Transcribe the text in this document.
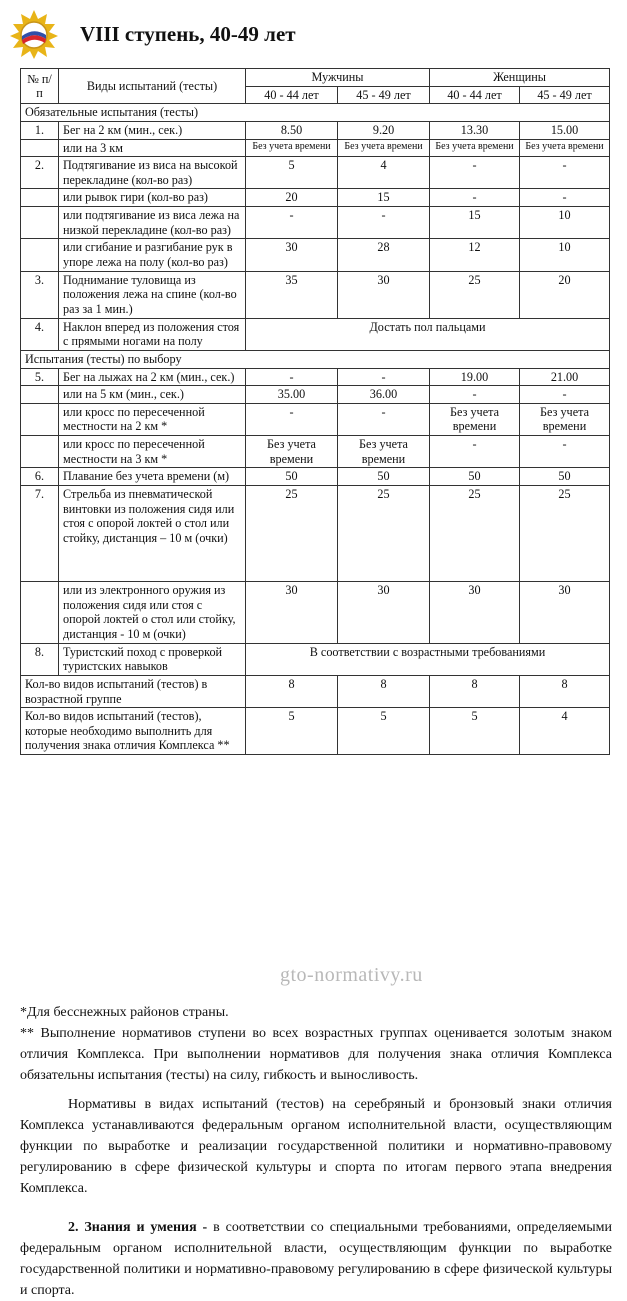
VIII ступень, 40-49 лет
№ п/п	Виды испытаний (тесты)	Мужчины		Женщины	
		40 - 44 лет	45 - 49 лет	40 - 44 лет	45 - 49 лет
Обязательные испытания (тесты)					
1.	Бег на 2 км (мин., сек.)	8.50	9.20	13.30	15.00
	или на 3 км	Без учета времени	Без учета времени	Без учета времени	Без учета времени
2.	Подтягивание из виса на высокой перекладине (кол-во раз)	5	4	-	-
	или рывок гири (кол-во раз)	20	15	-	-
	или подтягивание из виса лежа на низкой перекладине (кол-во раз)	-	-	15	10
	или сгибание и разгибание рук в упоре лежа на полу (кол-во раз)	30	28	12	10
3.	Поднимание туловища из положения лежа на спине (кол-во раз за 1 мин.)	35	30	25	20
4.	Наклон вперед из положения стоя с прямыми ногами на полу	Достать пол пальцами			
Испытания (тесты) по выбору					
5.	Бег на лыжах на 2 км (мин., сек.)	-	-	19.00	21.00
	или на 5 км (мин., сек.)	35.00	36.00	-	-
	или кросс по пересеченной местности на 2 км *	-	-	Без учета времени	Без учета времени
	или кросс по пересеченной местности на 3 км *	Без учета времени	Без учета времени	-	-
6.	Плавание без учета времени (м)	50	50	50	50
7.	Стрельба из пневматической винтовки из положения сидя или стоя с опорой локтей о стол или стойку, дистанция – 10 м (очки)	25	25	25	25
	или из электронного оружия из положения сидя или стоя с опорой локтей о стол или стойку, дистанция - 10 м (очки)	30	30	30	30
8.	Туристский поход с проверкой туристских навыков	В соответствии с возрастными требованиями			
Кол-во видов испытаний (тестов) в возрастной группе		8	8	8	8
Кол-во видов испытаний (тестов), которые необходимо выполнить для получения знака отличия Комплекса **		5	5	5	4
gto-normativy.ru

*Для бесснежных районов страны.

** Выполнение нормативов ступени во всех возрастных группах оценивается золотым знаком отличия Комплекса. При выполнении нормативов для получения знака отличия Комплекса обязательны испытания (тесты) на силу, гибкость и выносливость.

Нормативы в видах испытаний (тестов) на серебряный и бронзовый знаки отличия Комплекса устанавливаются федеральным органом исполнительной власти, осуществляющим функции по выработке и реализации государственной политики и нормативно-правовому регулированию в сфере физической культуры и спорта по итогам первого этапа внедрения Комплекса.

2. Знания и умения - в соответствии со специальными требованиями, определяемыми федеральным органом исполнительной власти, осуществляющим функции по выработке государственной политики и нормативно-правовому регулированию в сфере физической культуры и спорта.
